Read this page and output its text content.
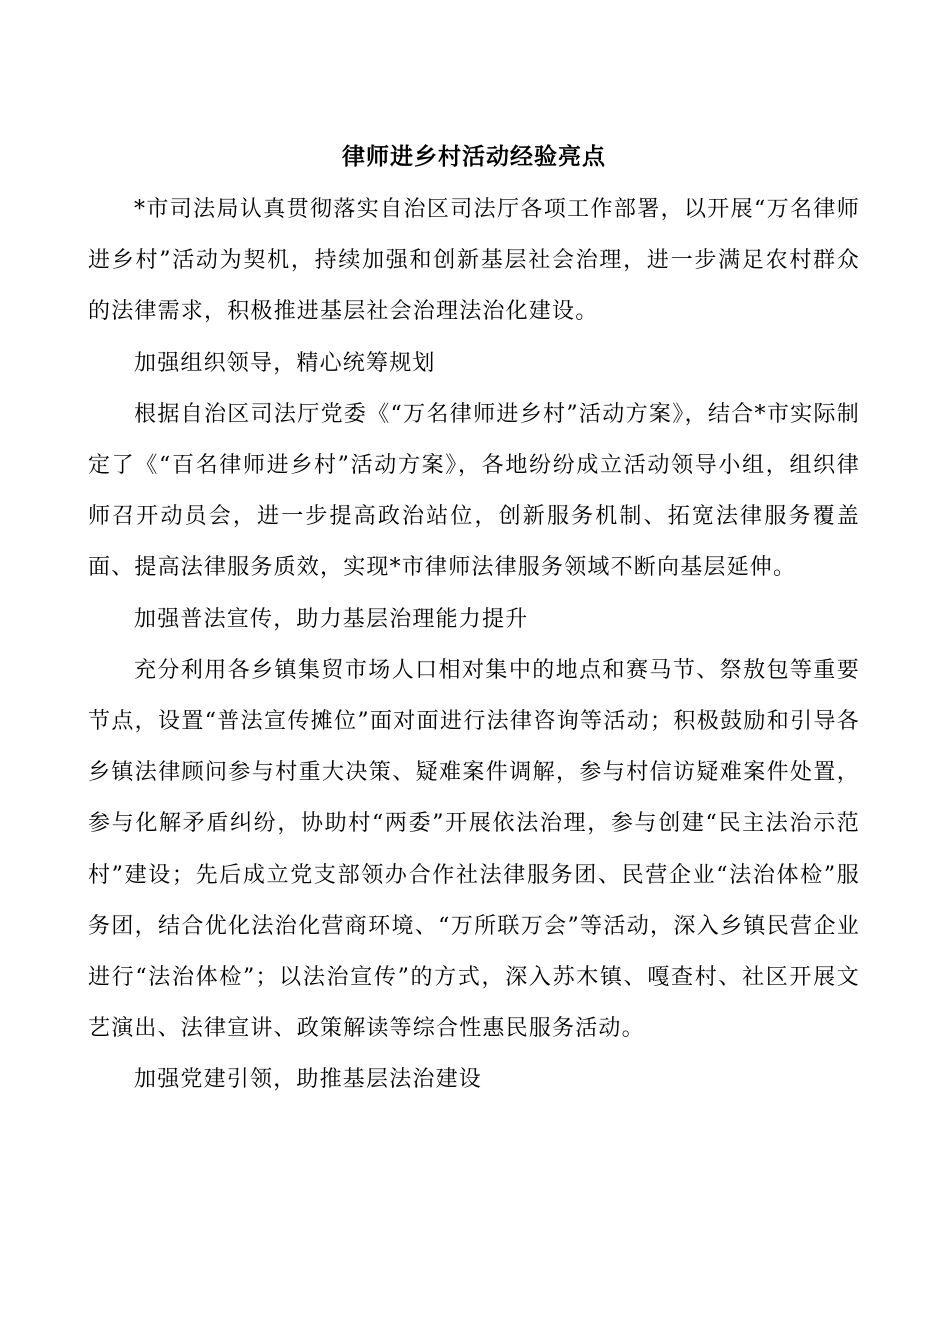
律师进乡村活动经验亮点

*市司法局认真贯彻落实自治区司法厅各项工作部署，以开展“万名律师进乡村”活动为契机，持续加强和创新基层社会治理，进一步满足农村群众的法律需求，积极推进基层社会治理法治化建设。

加强组织领导，精心统筹规划

根据自治区司法厅党委《“万名律师进乡村”活动方案》，结合*市实际制定了《“百名律师进乡村”活动方案》，各地纷纷成立活动领导小组，组织律师召开动员会，进一步提高政治站位，创新服务机制、拓宽法律服务覆盖面、提高法律服务质效，实现*市律师法律服务领域不断向基层延伸。

加强普法宣传，助力基层治理能力提升

充分利用各乡镇集贸市场人口相对集中的地点和赛马节、祭敖包等重要节点，设置“普法宣传摊位”面对面进行法律咨询等活动；积极鼓励和引导各乡镇法律顾问参与村重大决策、疑难案件调解，参与村信访疑难案件处置，参与化解矛盾纠纷，协助村“两委”开展依法治理，参与创建“民主法治示范村”建设；先后成立党支部领办合作社法律服务团、民营企业“法治体检”服务团，结合优化法治化营商环境、“万所联万会”等活动，深入乡镇民营企业进行“法治体检”；以法治宣传”的方式，深入苏木镇、嘎查村、社区开展文艺演出、法律宣讲、政策解读等综合性惠民服务活动。

加强党建引领，助推基层法治建设
